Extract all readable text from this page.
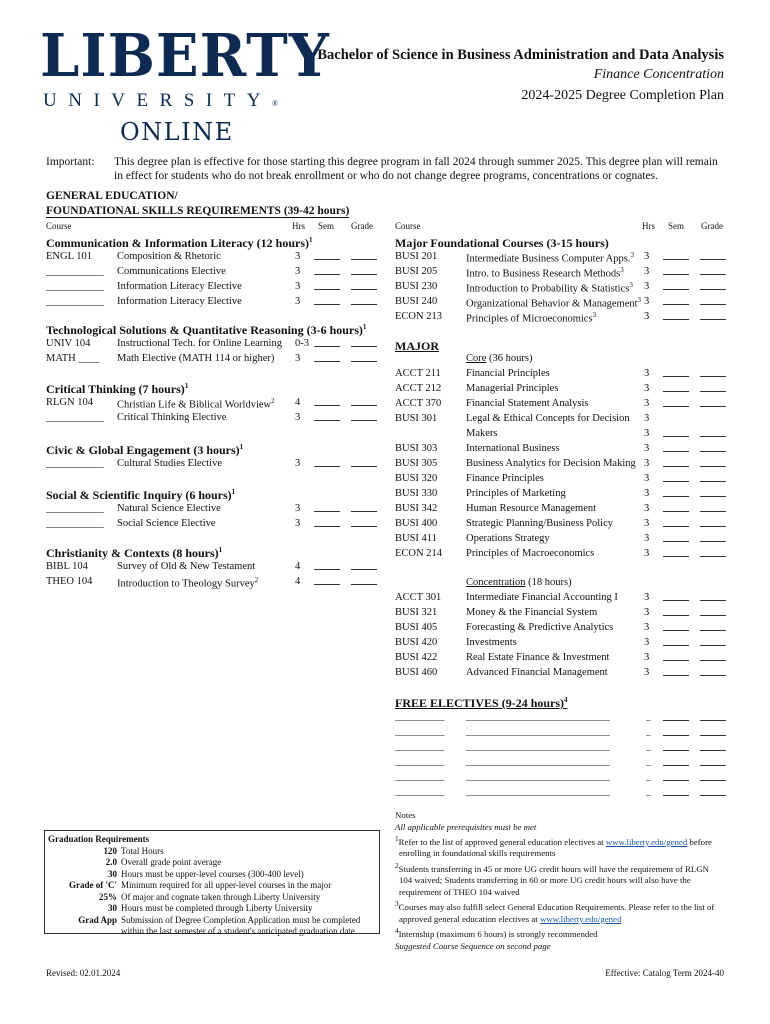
LIBERTY
UNIVERSITY®
ONLINE
Bachelor of Science in Business Administration and Data Analysis
Finance Concentration
2024-2025 Degree Completion Plan
Important: This degree plan is effective for those starting this degree program in fall 2024 through summer 2025. This degree plan will remain in effect for students who do not break enrollment or who do not change degree programs, concentrations or cognates.
GENERAL EDUCATION/
FOUNDATIONAL SKILLS REQUIREMENTS (39-42 hours)
Course	Hrs Sem Grade
Communication & Information Literacy (12 hours)$^1$
ENGL 101 Composition & Rhetoric	3
___________ Communications Elective	3
___________ Information Literacy Elective	3
___________ Information Literacy Elective	3
Technological Solutions & Quantitative Reasoning (3-6 hours)$^1$
UNIV 104	Instructional Tech. for Online Learning 0-3
MATH ____ Math Elective (MATH 114 or higher) 3
Critical Thinking (7 hours)$^1$
RLGN 104 Christian Life & Biblical Worldview$^2$ 4
___________ Critical Thinking Elective	3
Civic & Global Engagement (3 hours)$^1$
___________ Cultural Studies Elective	3
Social & Scientific Inquiry (6 hours)$^1$
___________ Natural Science Elective	3
___________ Social Science Elective	3
Christianity & Contexts (8 hours)$^1$
BIBL 104	Survey of Old & New Testament	4
THEO 104 Introduction to Theology Survey$^2$	4
Course	Hrs Sem Grade
Major Foundational Courses (3-15 hours)
BUSI 201	Intermediate Business Computer Apps.$^3$ 3
BUSI 205	Intro. to Business Research Methods$^3$ 3
BUSI 230	Introduction to Probability & Statistics$^3$ 3
BUSI 240	Organizational Behavior & Management$^3$ 3
ECON 213 Principles of Microeconomics$^3$	3
MAJOR
Core (36 hours)
ACCT 211 Financial Principles	3
ACCT 212 Managerial Principles	3
ACCT 370 Financial Statement Analysis	3
BUSI 301	Legal & Ethical Concepts for Decision 3
Makers	3
BUSI 303	International Business	3
BUSI 305	Business Analytics for Decision Making 3
BUSI 320	Finance Principles	3
BUSI 330	Principles of Marketing	3
BUSI 342	Human Resource Management	3
BUSI 400	Strategic Planning/Business Policy	3
BUSI 411	Operations Strategy	3
ECON 214 Principles of Macroeconomics	3
Concentration (18 hours)
ACCT 301 Intermediate Financial Accounting I 3
BUSI 321	Money & the Financial System	3
BUSI 405	Forecasting & Predictive Analytics	3
BUSI 420	Investments	3
BUSI 422	Real Estate Finance & Investment	3
BUSI 460	Advanced Financial Management	3
FREE ELECTIVES (9-24 hours)$^4$
___________ ________________________________	_
___________ ________________________________	_
___________ ________________________________	_
___________ ________________________________	_
___________ ________________________________	_
___________ ________________________________	_
Graduation Requirements
120 Total Hours
2.0 Overall grade point average
30 Hours must be upper-level courses (300-400 level)
Grade of 'C' Minimum required for all upper-level courses in the major
25% Of major and cognate taken through Liberty University
30 Hours must be completed through Liberty University
Grad App Submission of Degree Completion Application must be completed
within the last semester of a student's anticipated graduation date
Notes
All applicable prerequisites must be met
$^1$Refer to the list of approved general education electives at www.liberty.edu/gened before
enrolling in foundational skills requirements
$^2$Students transferring in 45 or more UG credit hours will have the requirement of RLGN
104 waived; Students transferring in 60 or more UG credit hours will also have the
requirement of THEO 104 waived
$^3$Courses may also fulfill select General Education Requirements. Please refer to the list of
approved general education electives at www.liberty.edu/gened
$^4$Internship (maximum 6 hours) is strongly recommended
Suggested Course Sequence on second page
Revised: 02.01.2024	Effective: Catalog Term 2024-40
